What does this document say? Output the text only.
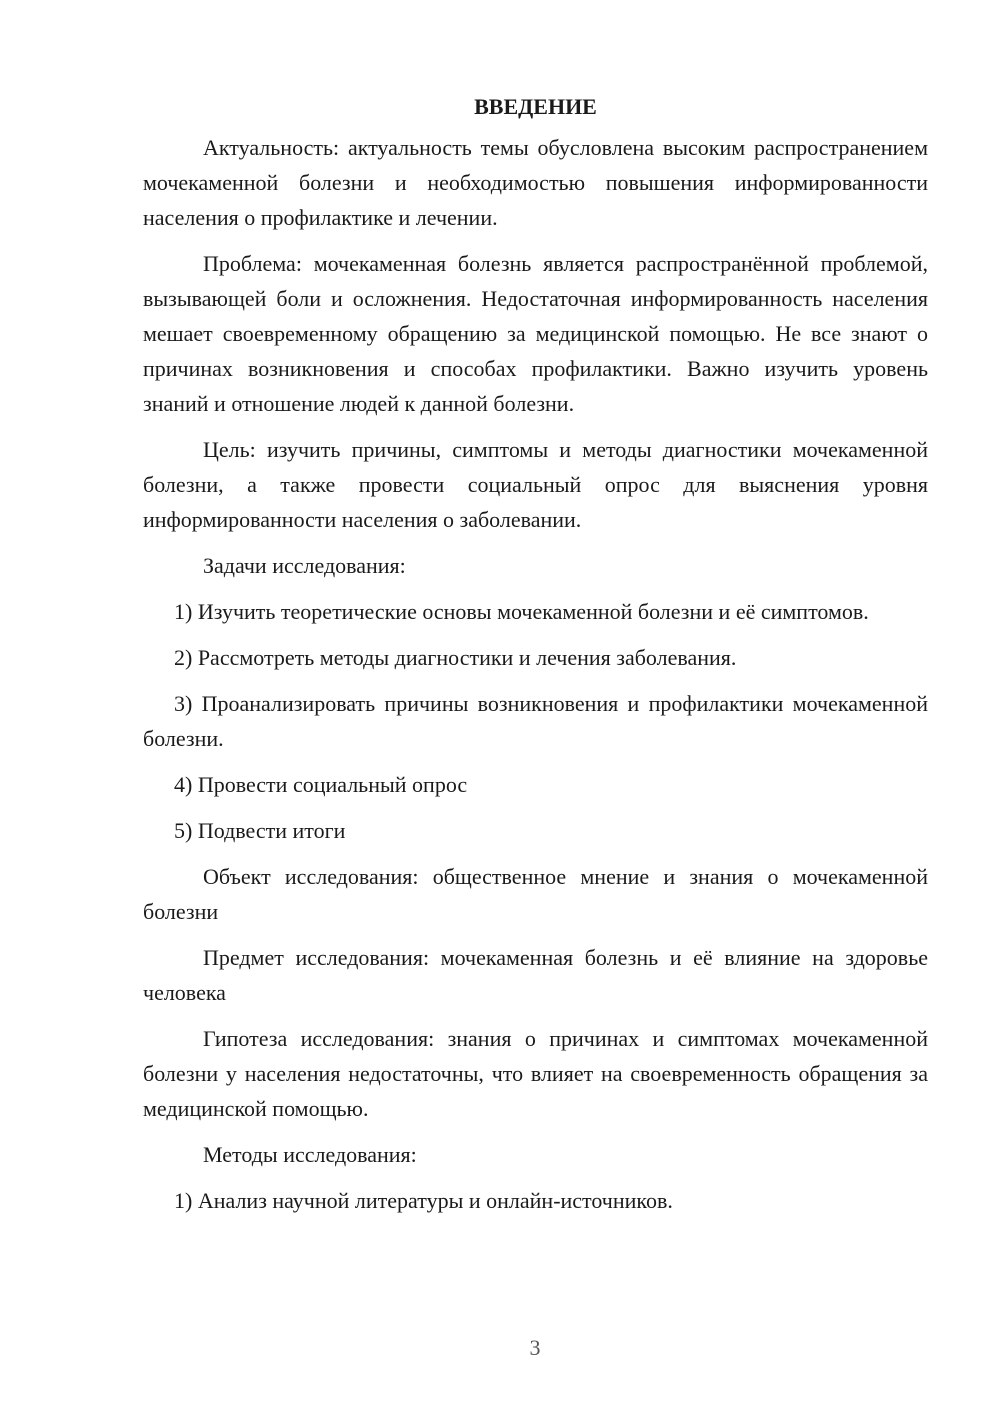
ВВЕДЕНИЕ

Актуальность: актуальность темы обусловлена высоким распространением мочекаменной болезни и необходимостью повышения информированности населения о профилактике и лечении.

Проблема: мочекаменная болезнь является распространённой проблемой, вызывающей боли и осложнения. Недостаточная информированность населения мешает своевременному обращению за медицинской помощью. Не все знают о причинах возникновения и способах профилактики. Важно изучить уровень знаний и отношение людей к данной болезни.

Цель: изучить причины, симптомы и методы диагностики мочекаменной болезни, а также провести социальный опрос для выяснения уровня информированности населения о заболевании.

Задачи исследования:

1) Изучить теоретические основы мочекаменной болезни и её симптомов.

2) Рассмотреть методы диагностики и лечения заболевания.

3) Проанализировать причины возникновения и профилактики мочекаменной болезни.

4) Провести социальный опрос

5) Подвести итоги

Объект исследования: общественное мнение и знания о мочекаменной болезни

Предмет исследования: мочекаменная болезнь и её влияние на здоровье человека

Гипотеза исследования: знания о причинах и симптомах мочекаменной болезни у населения недостаточны, что влияет на своевременность обращения за медицинской помощью.

Методы исследования:

1) Анализ научной литературы и онлайн-источников.

3
